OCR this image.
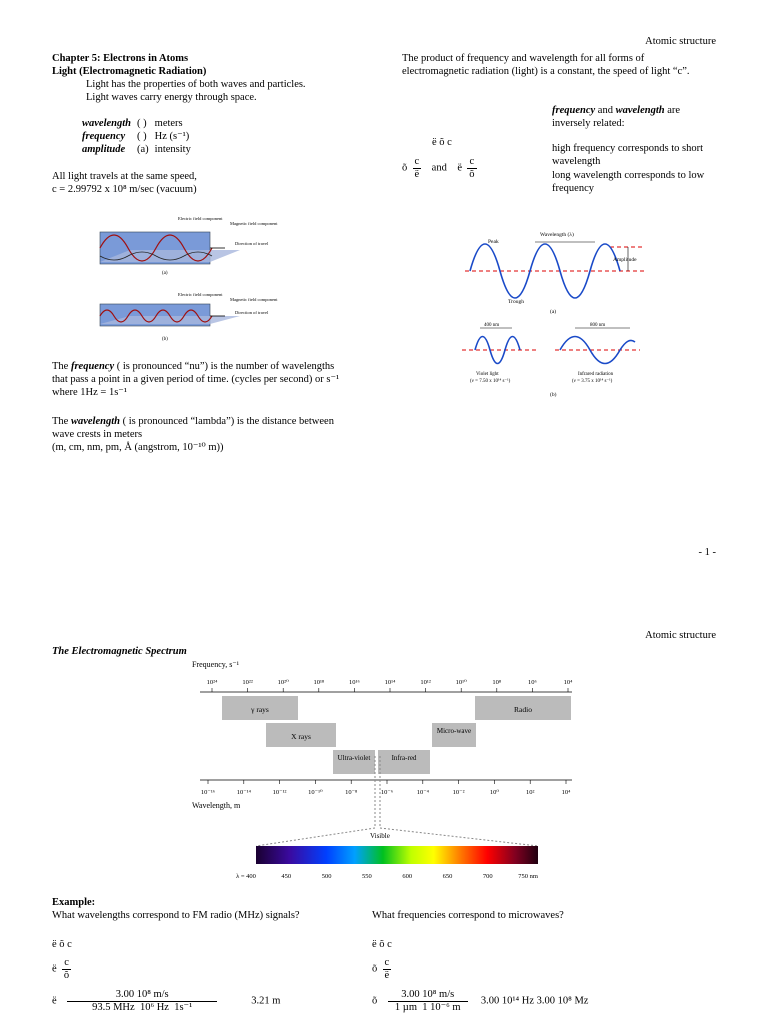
Atomic structure
Chapter 5: Electrons in Atoms
Light (Electromagnetic Radiation)
Light has the properties of both waves and particles.
Light waves carry energy through space.
wavelength	( )	meters
frequency	( )	Hz (s⁻¹)
amplitude	(a)	intensity
All light travels at the same speed,
c = 2.99792 x 10⁸ m/sec (vacuum)
Electric field component
Magnetic field component
Direction of travel
(a)
Electric field component
Magnetic field component
Direction of travel
(b)
The frequency ( is pronounced “nu”) is the number of wavelengths that pass a point in a given period of time. (cycles per second) or s⁻¹ where 1Hz = 1s⁻¹
The wavelength ( is pronounced “lambda”) is the distance between wave crests in meters
(m, cm, nm, pm, Å (angstrom, 10⁻¹⁰ m))
The product of frequency and wavelength for all forms of electromagnetic radiation (light) is a constant, the speed of light “c”.
ë õ c
õ $\frac{c}{ë}$ and ë $\frac{c}{õ}$
frequency and wavelength are inversely related:
high frequency corresponds to short wavelength
long wavelength corresponds to low frequency
Peak
Trough
Wavelength (λ)
Amplitude
(a)
400 nm
Violet light
(ν = 7.50 x 10¹⁴ s⁻¹)
800 nm
Infrared radiation
(ν = 3.75 x 10¹⁴ s⁻¹)
(b)
- 1 -
Atomic structure
The Electromagnetic Spectrum
Frequency, s⁻¹
10²⁴	10²²	10²⁰	10¹⁸	10¹⁶	10¹⁴	10¹²	10¹⁰	10⁸	10⁶	10⁴
γ rays
X rays
Ultra-violet	Infra-red
Micro-wave
Radio
10⁻¹⁶	10⁻¹⁴	10⁻¹²	10⁻¹⁰	10⁻⁸	10⁻⁶	10⁻⁴	10⁻²	10⁰	10²	10⁴
Wavelength, m
Visible
λ = 400	450	500	550	600	650	700	750 nm
Example:
What wavelengths correspond to FM radio (MHz) signals?	What frequencies correspond to microwaves?
ë õ c
ë $\frac{c}{õ}$
ë $\frac{\text{3.00 10⁸ m/s}}{\text{93.5 MHz 10⁶ Hz 1s⁻¹}}$	3.21 m
ë õ c
õ $\frac{c}{ë}$
õ $\frac{\text{3.00 10⁸ m/s}}{\text{1 µm 1 10⁻⁶ m}} 3.00$ 10¹⁴ Hz 3.00 10⁸ Mz
